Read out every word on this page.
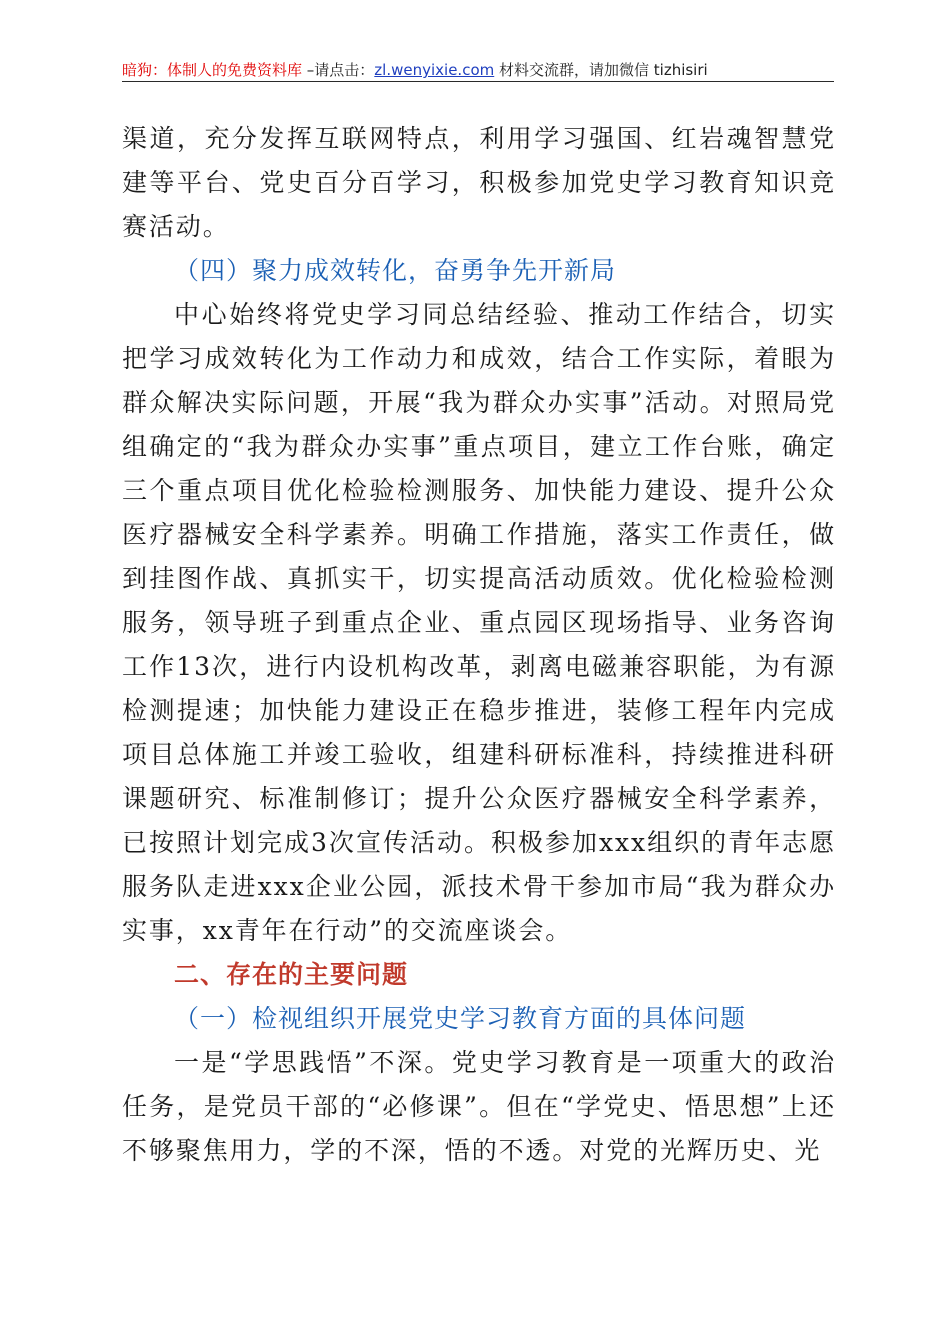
暗狗：体制人的免费资料库 –请点击：zl.wenyixie.com 材料交流群，请加微信 tizhisiri

渠道，充分发挥互联网特点，利用学习强国、红岩魂智慧党建等平台、党史百分百学习，积极参加党史学习教育知识竞赛活动。

（四）聚力成效转化，奋勇争先开新局

中心始终将党史学习同总结经验、推动工作结合，切实把学习成效转化为工作动力和成效，结合工作实际，着眼为群众解决实际问题，开展“我为群众办实事”活动。对照局党组确定的“我为群众办实事”重点项目，建立工作台账，确定三个重点项目优化检验检测服务、加快能力建设、提升公众医疗器械安全科学素养。明确工作措施，落实工作责任，做到挂图作战、真抓实干，切实提高活动质效。优化检验检测服务，领导班子到重点企业、重点园区现场指导、业务咨询工作13次，进行内设机构改革，剥离电磁兼容职能，为有源检测提速；加快能力建设正在稳步推进，装修工程年内完成项目总体施工并竣工验收，组建科研标准科，持续推进科研课题研究、标准制修订；提升公众医疗器械安全科学素养，已按照计划完成3次宣传活动。积极参加xxx组织的青年志愿服务队走进xxx企业公园，派技术骨干参加市局“我为群众办实事，xx青年在行动”的交流座谈会。

二、存在的主要问题

（一）检视组织开展党史学习教育方面的具体问题

一是“学思践悟”不深。党史学习教育是一项重大的政治任务，是党员干部的“必修课”。但在“学党史、悟思想”上还不够聚焦用力，学的不深，悟的不透。对党的光辉历史、光
